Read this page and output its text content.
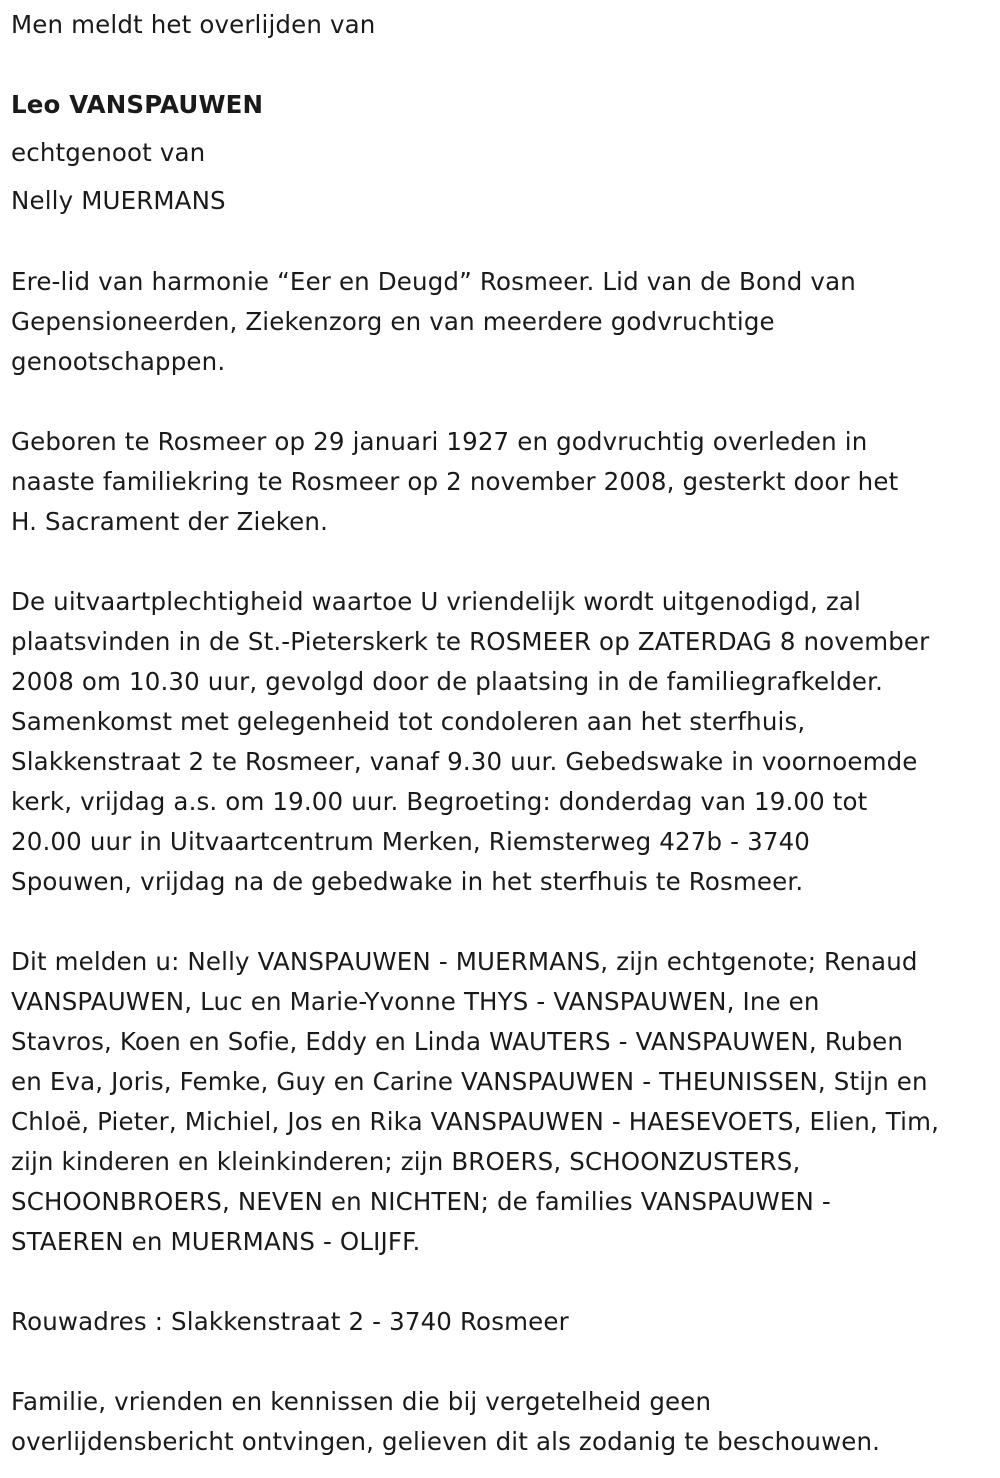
Men meldt het overlijden van
Leo VANSPAUWEN
echtgenoot van
Nelly MUERMANS
Ere-lid van harmonie “Eer en Deugd” Rosmeer. Lid van de Bond van
Gepensioneerden, Ziekenzorg en van meerdere godvruchtige
genootschappen.
Geboren te Rosmeer op 29 januari 1927 en godvruchtig overleden in
naaste familiekring te Rosmeer op 2 november 2008, gesterkt door het
H. Sacrament der Zieken.
De uitvaartplechtigheid waartoe U vriendelijk wordt uitgenodigd, zal
plaatsvinden in de St.-Pieterskerk te ROSMEER op ZATERDAG 8 november
2008 om 10.30 uur, gevolgd door de plaatsing in de familiegrafkelder.
Samenkomst met gelegenheid tot condoleren aan het sterfhuis,
Slakkenstraat 2 te Rosmeer, vanaf 9.30 uur. Gebedswake in voornoemde
kerk, vrijdag a.s. om 19.00 uur. Begroeting: donderdag van 19.00 tot
20.00 uur in Uitvaartcentrum Merken, Riemsterweg 427b - 3740
Spouwen, vrijdag na de gebedwake in het sterfhuis te Rosmeer.
Dit melden u: Nelly VANSPAUWEN - MUERMANS, zijn echtgenote; Renaud
VANSPAUWEN, Luc en Marie-Yvonne THYS - VANSPAUWEN, Ine en
Stavros, Koen en Sofie, Eddy en Linda WAUTERS - VANSPAUWEN, Ruben
en Eva, Joris, Femke, Guy en Carine VANSPAUWEN - THEUNISSEN, Stijn en
Chloë, Pieter, Michiel, Jos en Rika VANSPAUWEN - HAESEVOETS, Elien, Tim,
zijn kinderen en kleinkinderen; zijn BROERS, SCHOONZUSTERS,
SCHOONBROERS, NEVEN en NICHTEN; de families VANSPAUWEN -
STAEREN en MUERMANS - OLIJFF.
Rouwadres : Slakkenstraat 2 - 3740 Rosmeer
Familie, vrienden en kennissen die bij vergetelheid geen
overlijdensbericht ontvingen, gelieven dit als zodanig te beschouwen.
